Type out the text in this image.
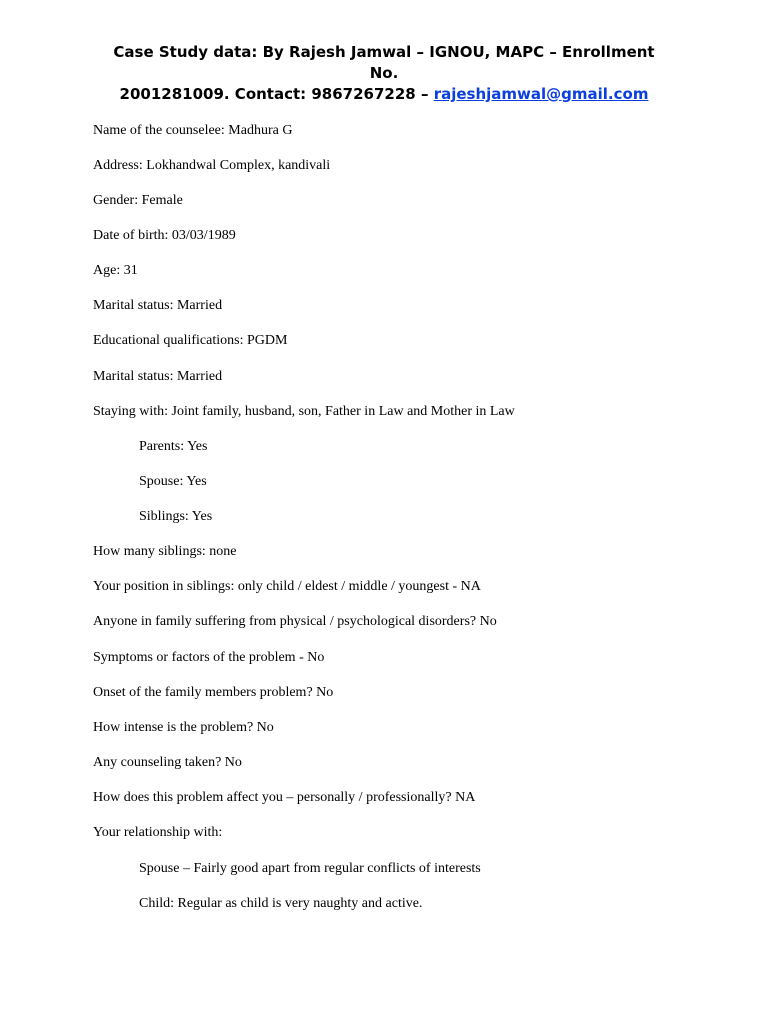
Case Study data: By Rajesh Jamwal – IGNOU, MAPC – Enrollment No.
2001281009. Contact: 9867267228 – rajeshjamwal@gmail.com
Name of the counselee: Madhura G
Address: Lokhandwal Complex, kandivali
Gender: Female
Date of birth: 03/03/1989
Age: 31
Marital status: Married
Educational qualifications: PGDM
Marital status: Married
Staying with: Joint family, husband, son, Father in Law and Mother in Law
Parents: Yes
Spouse: Yes
Siblings: Yes
How many siblings: none
Your position in siblings: only child / eldest / middle / youngest - NA
Anyone in family suffering from physical / psychological disorders? No
Symptoms or factors of the problem - No
Onset of the family members problem? No
How intense is the problem? No
Any counseling taken? No
How does this problem affect you – personally / professionally? NA
Your relationship with:
Spouse – Fairly good apart from regular conflicts of interests
Child: Regular as child is very naughty and active.
